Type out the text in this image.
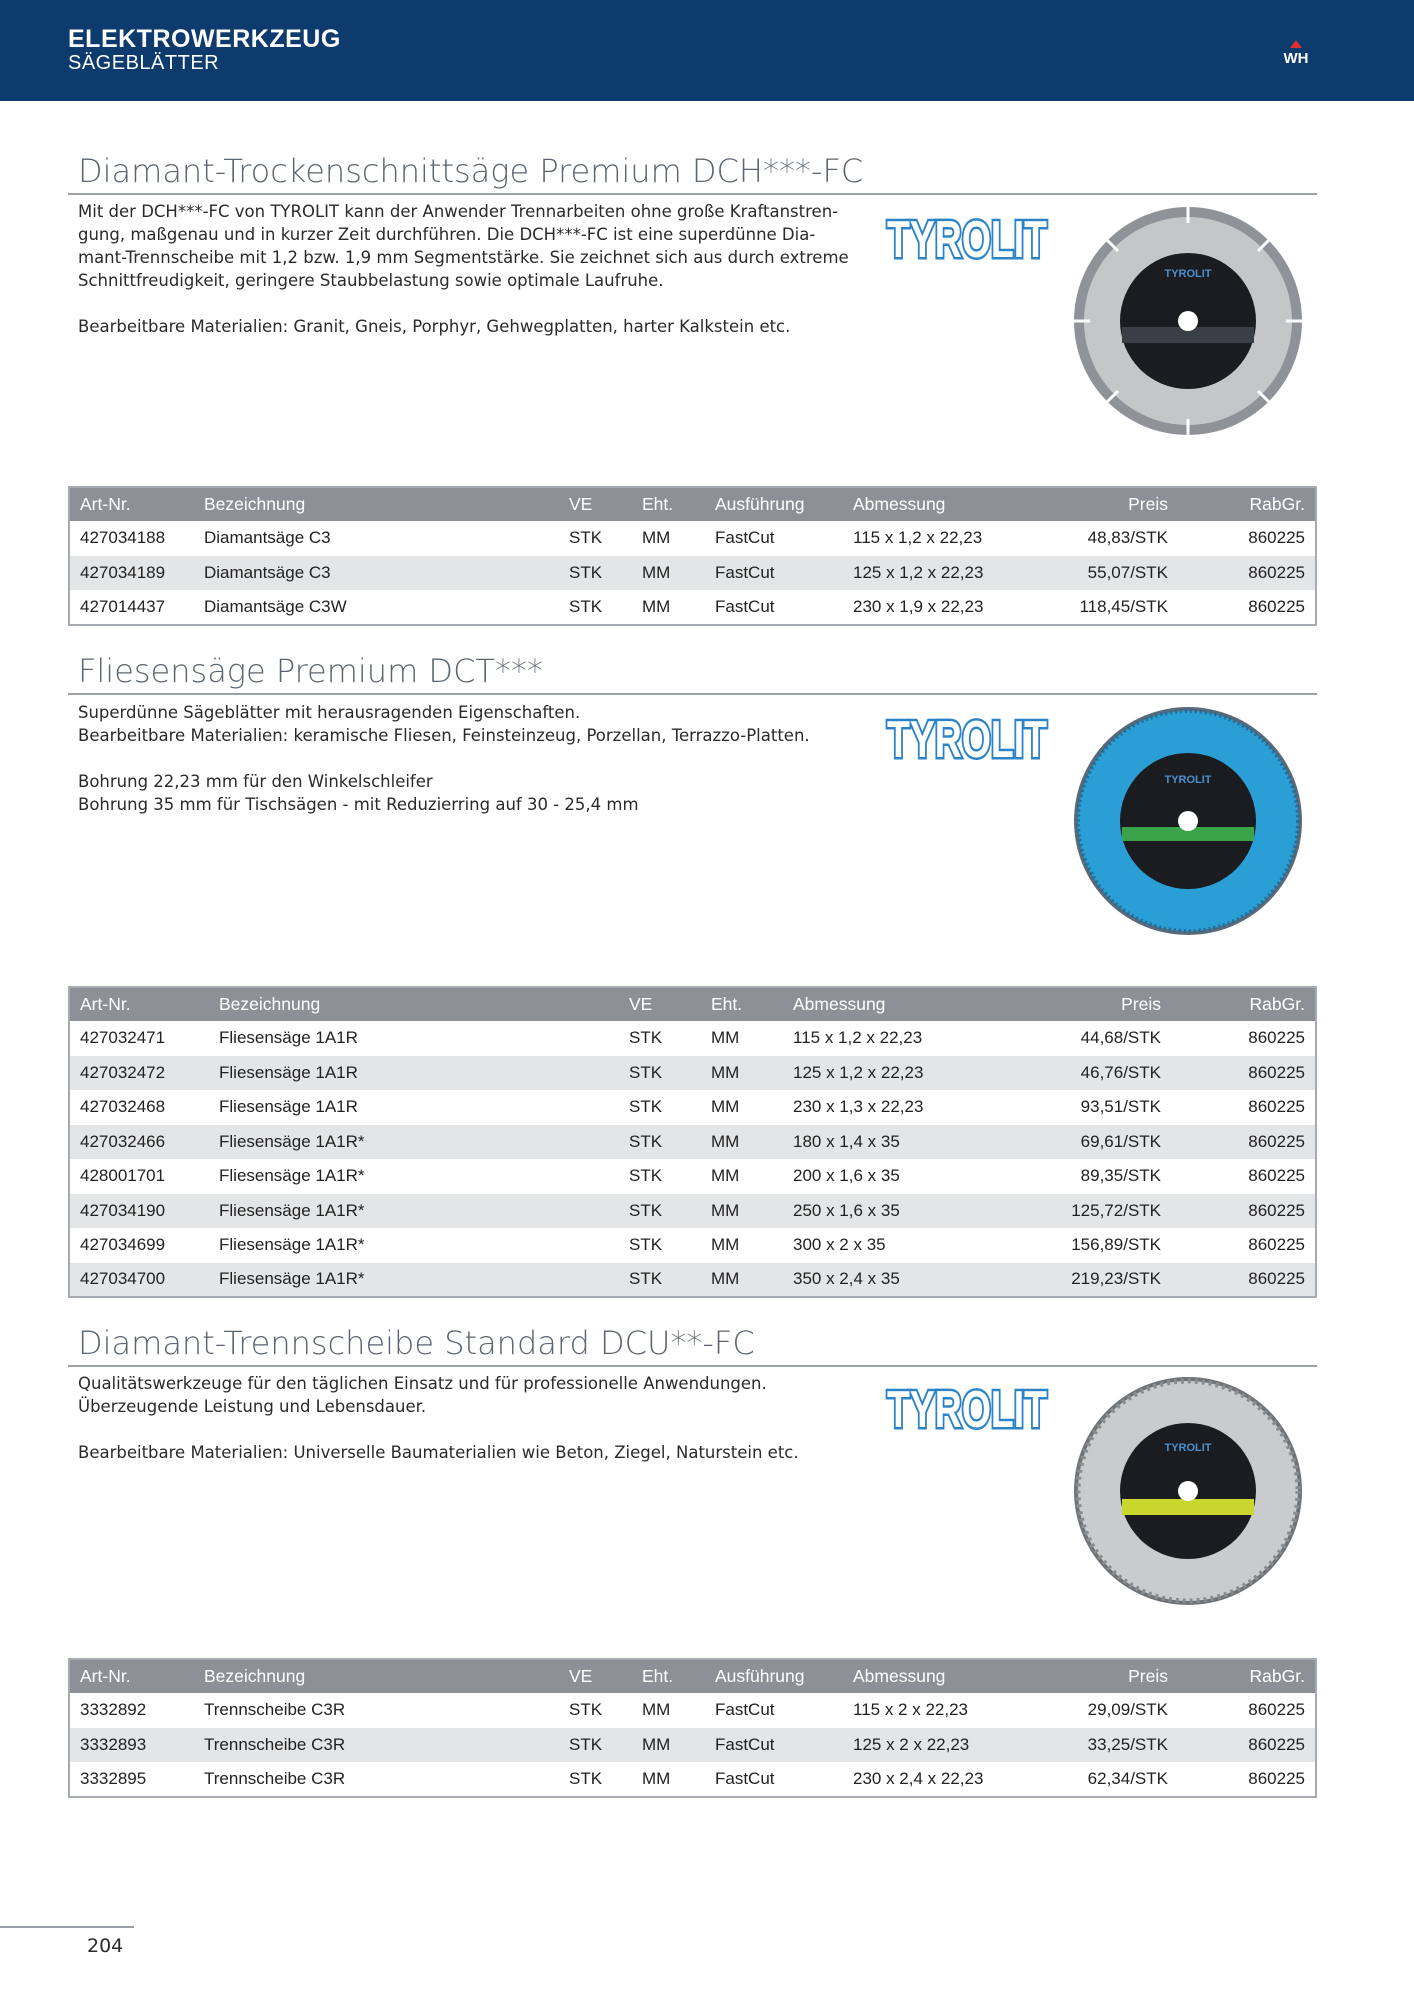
ELEKTROWERKZEUG
SÄGEBLÄTTER	WH
Diamant-Trockenschnittsäge Premium DCH***-FC

Mit der DCH***-FC von TYROLIT kann der Anwender Trennarbeiten ohne große Kraftanstren-
gung, maßgenau und in kurzer Zeit durchführen. Die DCH***-FC ist eine superdünne Dia-
mant-Trennscheibe mit 1,2 bzw. 1,9 mm Segmentstärke. Sie zeichnet sich aus durch extreme
Schnittfreudigkeit, geringere Staubbelastung sowie optimale Laufruhe.

Bearbeitbare Materialien: Granit, Gneis, Porphyr, Gehwegplatten, harter Kalkstein etc.

TYROLIT
TYROLIT
TYROLIT
Art-Nr.	Bezeichnung	VE	Eht.	Ausführung	Abmessung	Preis	RabGr.
427034188	Diamantsäge C3	STK	MM	FastCut	115 x 1,2 x 22,23	48,83/STK	860225
427034189	Diamantsäge C3	STK	MM	FastCut	125 x 1,2 x 22,23	55,07/STK	860225
427014437	Diamantsäge C3W	STK	MM	FastCut	230 x 1,9 x 22,23	118,45/STK	860225
Fliesensäge Premium DCT***

Superdünne Sägeblätter mit herausragenden Eigenschaften.
Bearbeitbare Materialien: keramische Fliesen, Feinsteinzeug, Porzellan, Terrazzo-Platten.

Bohrung 22,23 mm für den Winkelschleifer
Bohrung 35 mm für Tischsägen - mit Reduzierring auf 30 - 25,4 mm

TYROLIT
TYROLIT
TYROLIT
Art-Nr.	Bezeichnung	VE	Eht.	Abmessung	Preis	RabGr.
427032471	Fliesensäge 1A1R	STK	MM	115 x 1,2 x 22,23	44,68/STK	860225
427032472	Fliesensäge 1A1R	STK	MM	125 x 1,2 x 22,23	46,76/STK	860225
427032468	Fliesensäge 1A1R	STK	MM	230 x 1,3 x 22,23	93,51/STK	860225
427032466	Fliesensäge 1A1R*	STK	MM	180 x 1,4 x 35	69,61/STK	860225
428001701	Fliesensäge 1A1R*	STK	MM	200 x 1,6 x 35	89,35/STK	860225
427034190	Fliesensäge 1A1R*	STK	MM	250 x 1,6 x 35	125,72/STK	860225
427034699	Fliesensäge 1A1R*	STK	MM	300 x 2 x 35	156,89/STK	860225
427034700	Fliesensäge 1A1R*	STK	MM	350 x 2,4 x 35	219,23/STK	860225
Diamant-Trennscheibe Standard DCU**-FC

Qualitätswerkzeuge für den täglichen Einsatz und für professionelle Anwendungen.
Überzeugende Leistung und Lebensdauer.

Bearbeitbare Materialien: Universelle Baumaterialien wie Beton, Ziegel, Naturstein etc.

TYROLIT
TYROLIT
TYROLIT
Art-Nr.	Bezeichnung	VE	Eht.	Ausführung	Abmessung	Preis	RabGr.
3332892	Trennscheibe C3R	STK	MM	FastCut	115 x 2 x 22,23	29,09/STK	860225
3332893	Trennscheibe C3R	STK	MM	FastCut	125 x 2 x 22,23	33,25/STK	860225
3332895	Trennscheibe C3R	STK	MM	FastCut	230 x 2,4 x 22,23	62,34/STK	860225
204
